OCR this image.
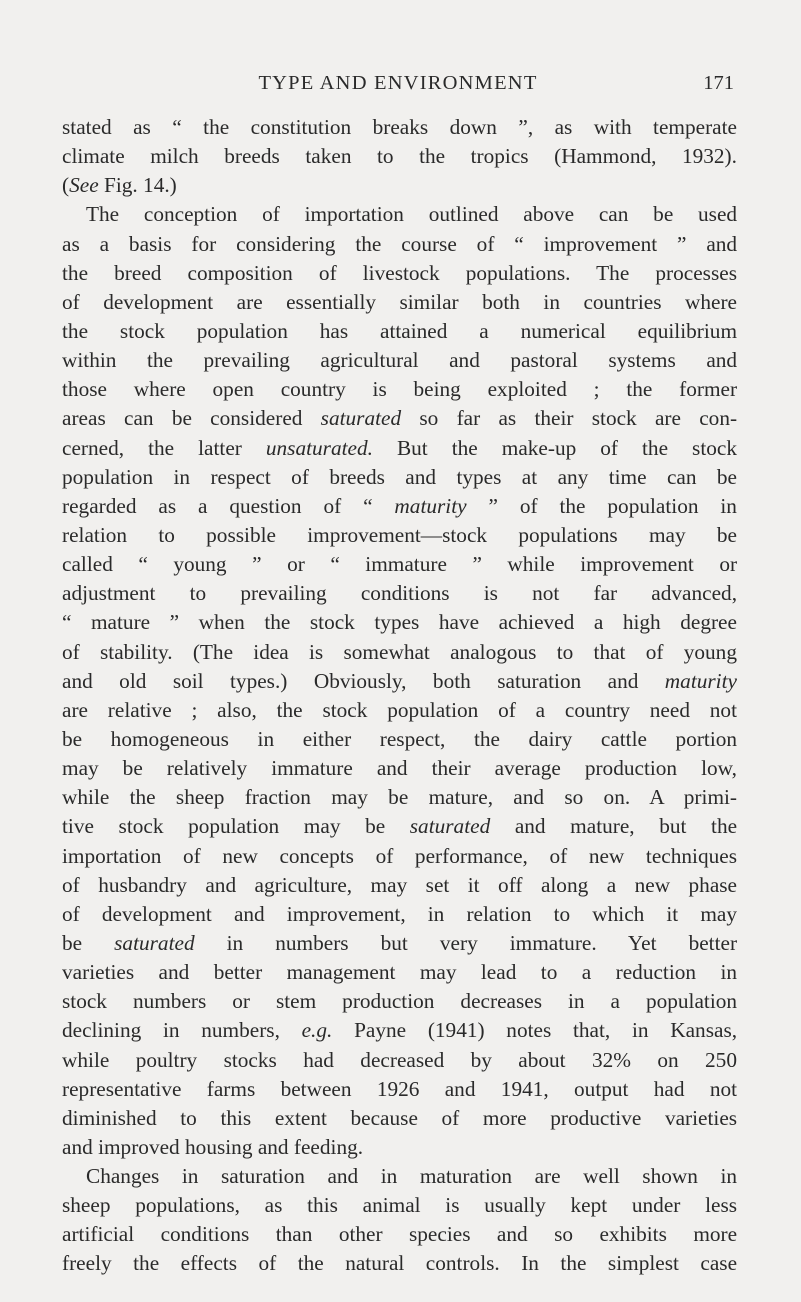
TYPE AND ENVIRONMENT	171
stated as “ the constitution breaks down ”, as with temperate
climate milch breeds taken to the tropics (Hammond, 1932).
(See Fig. 14.)
The conception of importation outlined above can be used
as a basis for considering the course of “ improvement ” and
the breed composition of livestock populations. The processes
of development are essentially similar both in countries where
the stock population has attained a numerical equilibrium
within the prevailing agricultural and pastoral systems and
those where open country is being exploited ; the former
areas can be considered saturated so far as their stock are con-
cerned, the latter unsaturated. But the make-up of the stock
population in respect of breeds and types at any time can be
regarded as a question of “ maturity ” of the population in
relation to possible improvement—stock populations may be
called “ young ” or “ immature ” while improvement or
adjustment to prevailing conditions is not far advanced,
“ mature ” when the stock types have achieved a high degree
of stability. (The idea is somewhat analogous to that of young
and old soil types.) Obviously, both saturation and maturity
are relative ; also, the stock population of a country need not
be homogeneous in either respect, the dairy cattle portion
may be relatively immature and their average production low,
while the sheep fraction may be mature, and so on. A primi-
tive stock population may be saturated and mature, but the
importation of new concepts of performance, of new techniques
of husbandry and agriculture, may set it off along a new phase
of development and improvement, in relation to which it may
be saturated in numbers but very immature. Yet better
varieties and better management may lead to a reduction in
stock numbers or stem production decreases in a population
declining in numbers, e.g. Payne (1941) notes that, in Kansas,
while poultry stocks had decreased by about 32% on 250
representative farms between 1926 and 1941, output had not
diminished to this extent because of more productive varieties
and improved housing and feeding.
Changes in saturation and in maturation are well shown in
sheep populations, as this animal is usually kept under less
artificial conditions than other species and so exhibits more
freely the effects of the natural controls. In the simplest case
